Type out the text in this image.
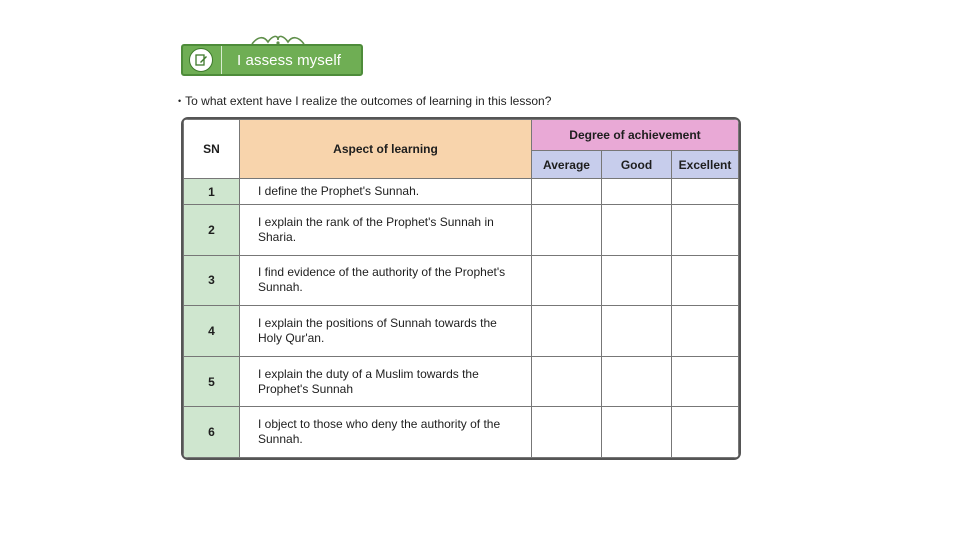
I assess myself
• To what extent have I realize the outcomes of learning in this lesson?
SN	Aspect of learning	Degree of achievement		
		Average	Good	Excellent
1	I define the Prophet's Sunnah.			
2	I explain the rank of the Prophet's Sunnah in Sharia.			
3	I find evidence of the authority of the Prophet's Sunnah.			
4	I explain the positions of Sunnah towards the Holy Qur'an.			
5	I explain the duty of a Muslim towards the Prophet's Sunnah			
6	I object to those who deny the authority of the Sunnah.			
